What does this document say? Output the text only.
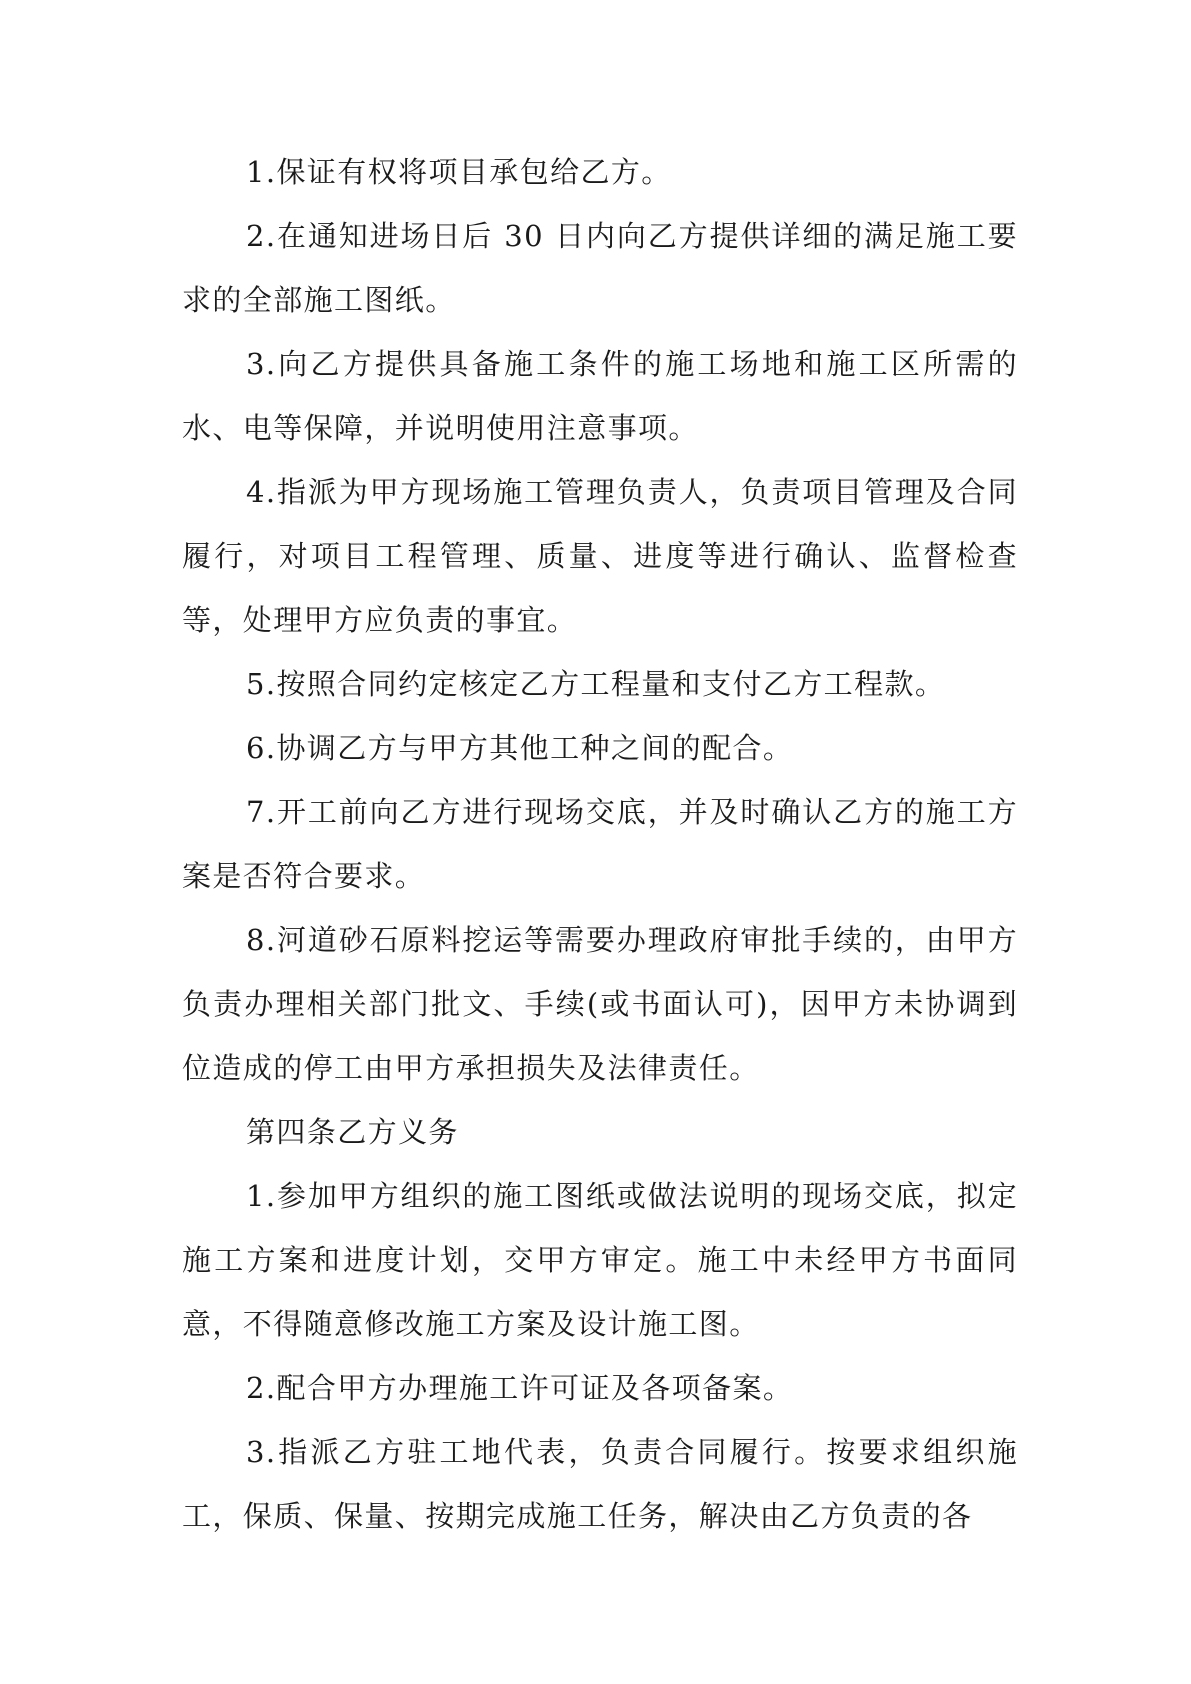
1.保证有权将项目承包给乙方。

2.在通知进场日后 30 日内向乙方提供详细的满足施工要求的全部施工图纸。

3.向乙方提供具备施工条件的施工场地和施工区所需的水、电等保障，并说明使用注意事项。

4.指派为甲方现场施工管理负责人，负责项目管理及合同履行，对项目工程管理、质量、进度等进行确认、监督检查等，处理甲方应负责的事宜。

5.按照合同约定核定乙方工程量和支付乙方工程款。

6.协调乙方与甲方其他工种之间的配合。

7.开工前向乙方进行现场交底，并及时确认乙方的施工方案是否符合要求。

8.河道砂石原料挖运等需要办理政府审批手续的，由甲方负责办理相关部门批文、手续(或书面认可)，因甲方未协调到位造成的停工由甲方承担损失及法律责任。

第四条乙方义务

1.参加甲方组织的施工图纸或做法说明的现场交底，拟定施工方案和进度计划，交甲方审定。施工中未经甲方书面同意，不得随意修改施工方案及设计施工图。

2.配合甲方办理施工许可证及各项备案。

3.指派乙方驻工地代表，负责合同履行。按要求组织施工，保质、保量、按期完成施工任务，解决由乙方负责的各
